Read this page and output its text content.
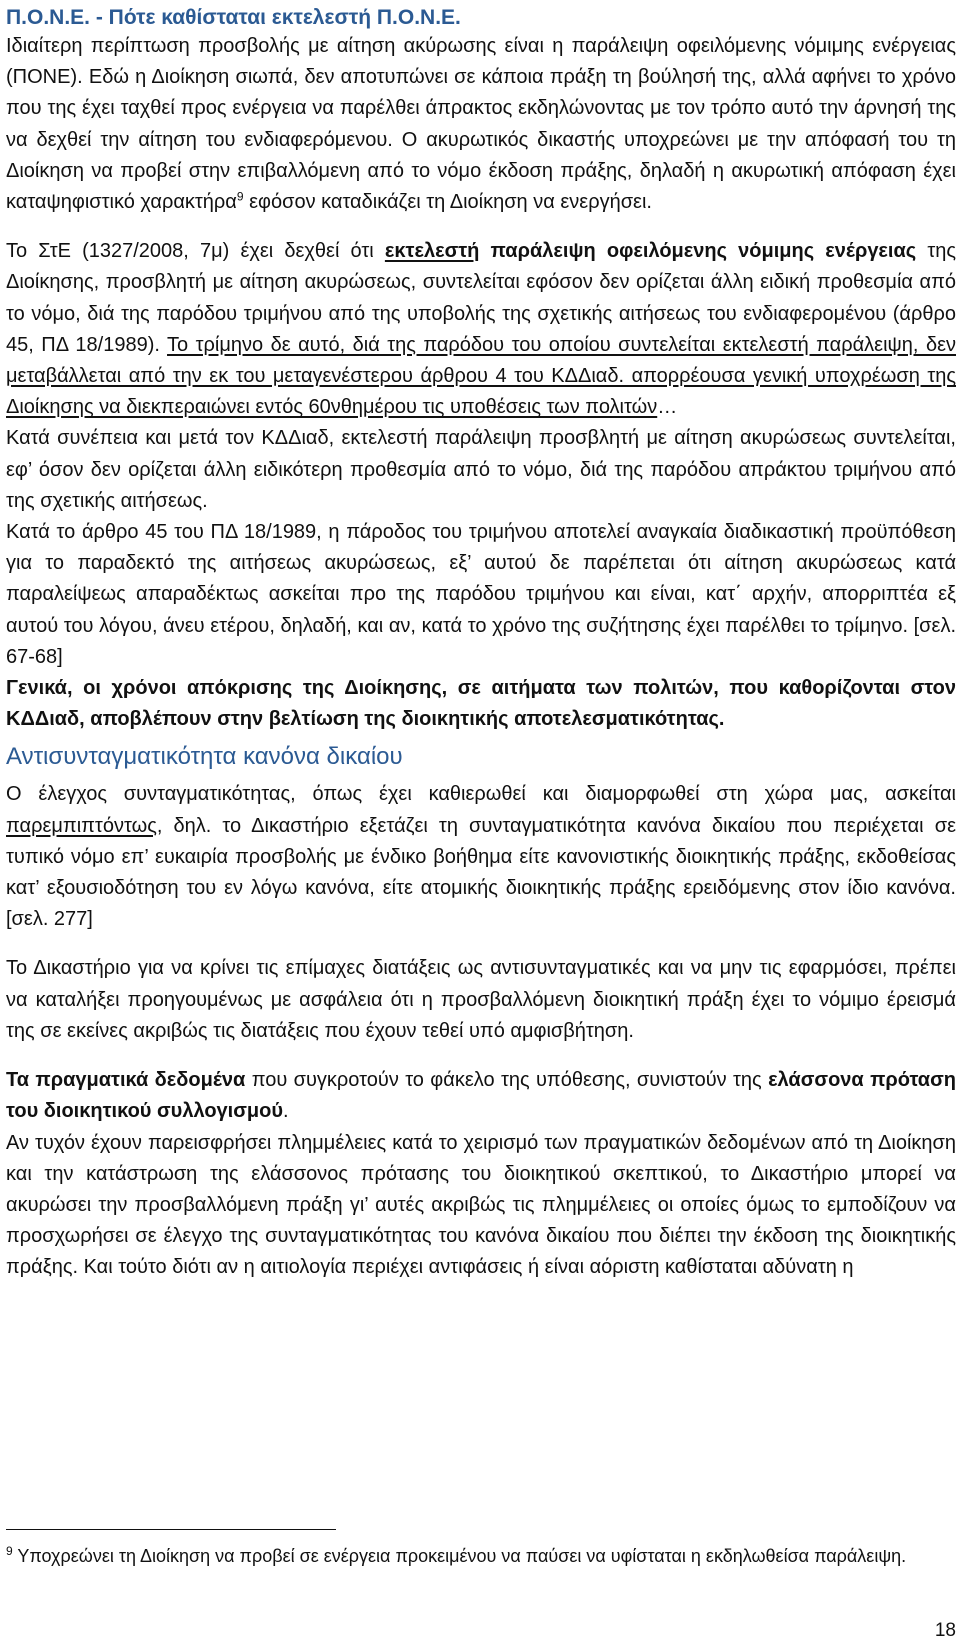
Π.Ο.Ν.Ε. - Πότε καθίσταται εκτελεστή Π.Ο.Ν.Ε.

Ιδιαίτερη περίπτωση προσβολής με αίτηση ακύρωσης είναι η παράλειψη οφειλόμενης νόμιμης ενέργειας (ΠΟΝΕ). Εδώ η Διοίκηση σιωπά, δεν αποτυπώνει σε κάποια πράξη τη βούλησή της, αλλά αφήνει το χρόνο που της έχει ταχθεί προς ενέργεια να παρέλθει άπρακτος εκδηλώνοντας με τον τρόπο αυτό την άρνησή της να δεχθεί την αίτηση του ενδιαφερόμενου. Ο ακυρωτικός δικαστής υποχρεώνει με την απόφασή του τη Διοίκηση να προβεί στην επιβαλλόμενη από το νόμο έκδοση πράξης, δηλαδή η ακυρωτική απόφαση έχει καταψηφιστικό χαρακτήρα$^9$ εφόσον καταδικάζει τη Διοίκηση να ενεργήσει.

Το ΣτΕ (1327/2008, 7μ) έχει δεχθεί ότι εκτελεστή παράλειψη οφειλόμενης νόμιμης ενέργειας της Διοίκησης, προσβλητή με αίτηση ακυρώσεως, συντελείται εφόσον δεν ορίζεται άλλη ειδική προθεσμία από το νόμο, διά της παρόδου τριμήνου από της υποβολής της σχετικής αιτήσεως του ενδιαφερομένου (άρθρο 45, ΠΔ 18/1989). Το τρίμηνο δε αυτό, διά της παρόδου του οποίου συντελείται εκτελεστή παράλειψη, δεν μεταβάλλεται από την εκ του μεταγενέστερου άρθρου 4 του ΚΔΔιαδ. απορρέουσα γενική υποχρέωση της Διοίκησης να διεκπεραιώνει εντός 60νθημέρου τις υποθέσεις των πολιτών…

Κατά συνέπεια και μετά τον ΚΔΔιαδ, εκτελεστή παράλειψη προσβλητή με αίτηση ακυρώσεως συντελείται, εφ’ όσον δεν ορίζεται άλλη ειδικότερη προθεσμία από το νόμο, διά της παρόδου απράκτου τριμήνου από της σχετικής αιτήσεως.

Κατά το άρθρο 45 του ΠΔ 18/1989, η πάροδος του τριμήνου αποτελεί αναγκαία διαδικαστική προϋπόθεση για το παραδεκτό της αιτήσεως ακυρώσεως, εξ’ αυτού δε παρέπεται ότι αίτηση ακυρώσεως κατά παραλείψεως απαραδέκτως ασκείται προ της παρόδου τριμήνου και είναι, κατ΄ αρχήν, απορριπτέα εξ αυτού του λόγου, άνευ ετέρου, δηλαδή, και αν, κατά το χρόνο της συζήτησης έχει παρέλθει το τρίμηνο. [σελ. 67-68]

Γενικά, οι χρόνοι απόκρισης της Διοίκησης, σε αιτήματα των πολιτών, που καθορίζονται στον ΚΔΔιαδ, αποβλέπουν στην βελτίωση της διοικητικής αποτελεσματικότητας.

Αντισυνταγματικότητα κανόνα δικαίου

Ο έλεγχος συνταγματικότητας, όπως έχει καθιερωθεί και διαμορφωθεί στη χώρα μας, ασκείται παρεμπιπτόντως, δηλ. το Δικαστήριο εξετάζει τη συνταγματικότητα κανόνα δικαίου που περιέχεται σε τυπικό νόμο επ’ ευκαιρία προσβολής με ένδικο βοήθημα είτε κανονιστικής διοικητικής πράξης, εκδοθείσας κατ’ εξουσιοδότηση του εν λόγω κανόνα, είτε ατομικής διοικητικής πράξης ερειδόμενης στον ίδιο κανόνα. [σελ. 277]

Το Δικαστήριο για να κρίνει τις επίμαχες διατάξεις ως αντισυνταγματικές και να μην τις εφαρμόσει, πρέπει να καταλήξει προηγουμένως με ασφάλεια ότι η προσβαλλόμενη διοικητική πράξη έχει το νόμιμο έρεισμά της σε εκείνες ακριβώς τις διατάξεις που έχουν τεθεί υπό αμφισβήτηση.

Τα πραγματικά δεδομένα που συγκροτούν το φάκελο της υπόθεσης, συνιστούν της ελάσσονα πρόταση του διοικητικού συλλογισμού.

Αν τυχόν έχουν παρεισφρήσει πλημμέλειες κατά το χειρισμό των πραγματικών δεδομένων από τη Διοίκηση και την κατάστρωση της ελάσσονος πρότασης του διοικητικού σκεπτικού, το Δικαστήριο μπορεί να ακυρώσει την προσβαλλόμενη πράξη γι’ αυτές ακριβώς τις πλημμέλειες οι οποίες όμως το εμποδίζουν να προσχωρήσει σε έλεγχο της συνταγματικότητας του κανόνα δικαίου που διέπει την έκδοση της διοικητικής πράξης. Και τούτο διότι αν η αιτιολογία περιέχει αντιφάσεις ή είναι αόριστη καθίσταται αδύνατη η

$^9$ Υποχρεώνει τη Διοίκηση να προβεί σε ενέργεια προκειμένου να παύσει να υφίσταται η εκδηλωθείσα παράλειψη.
18
